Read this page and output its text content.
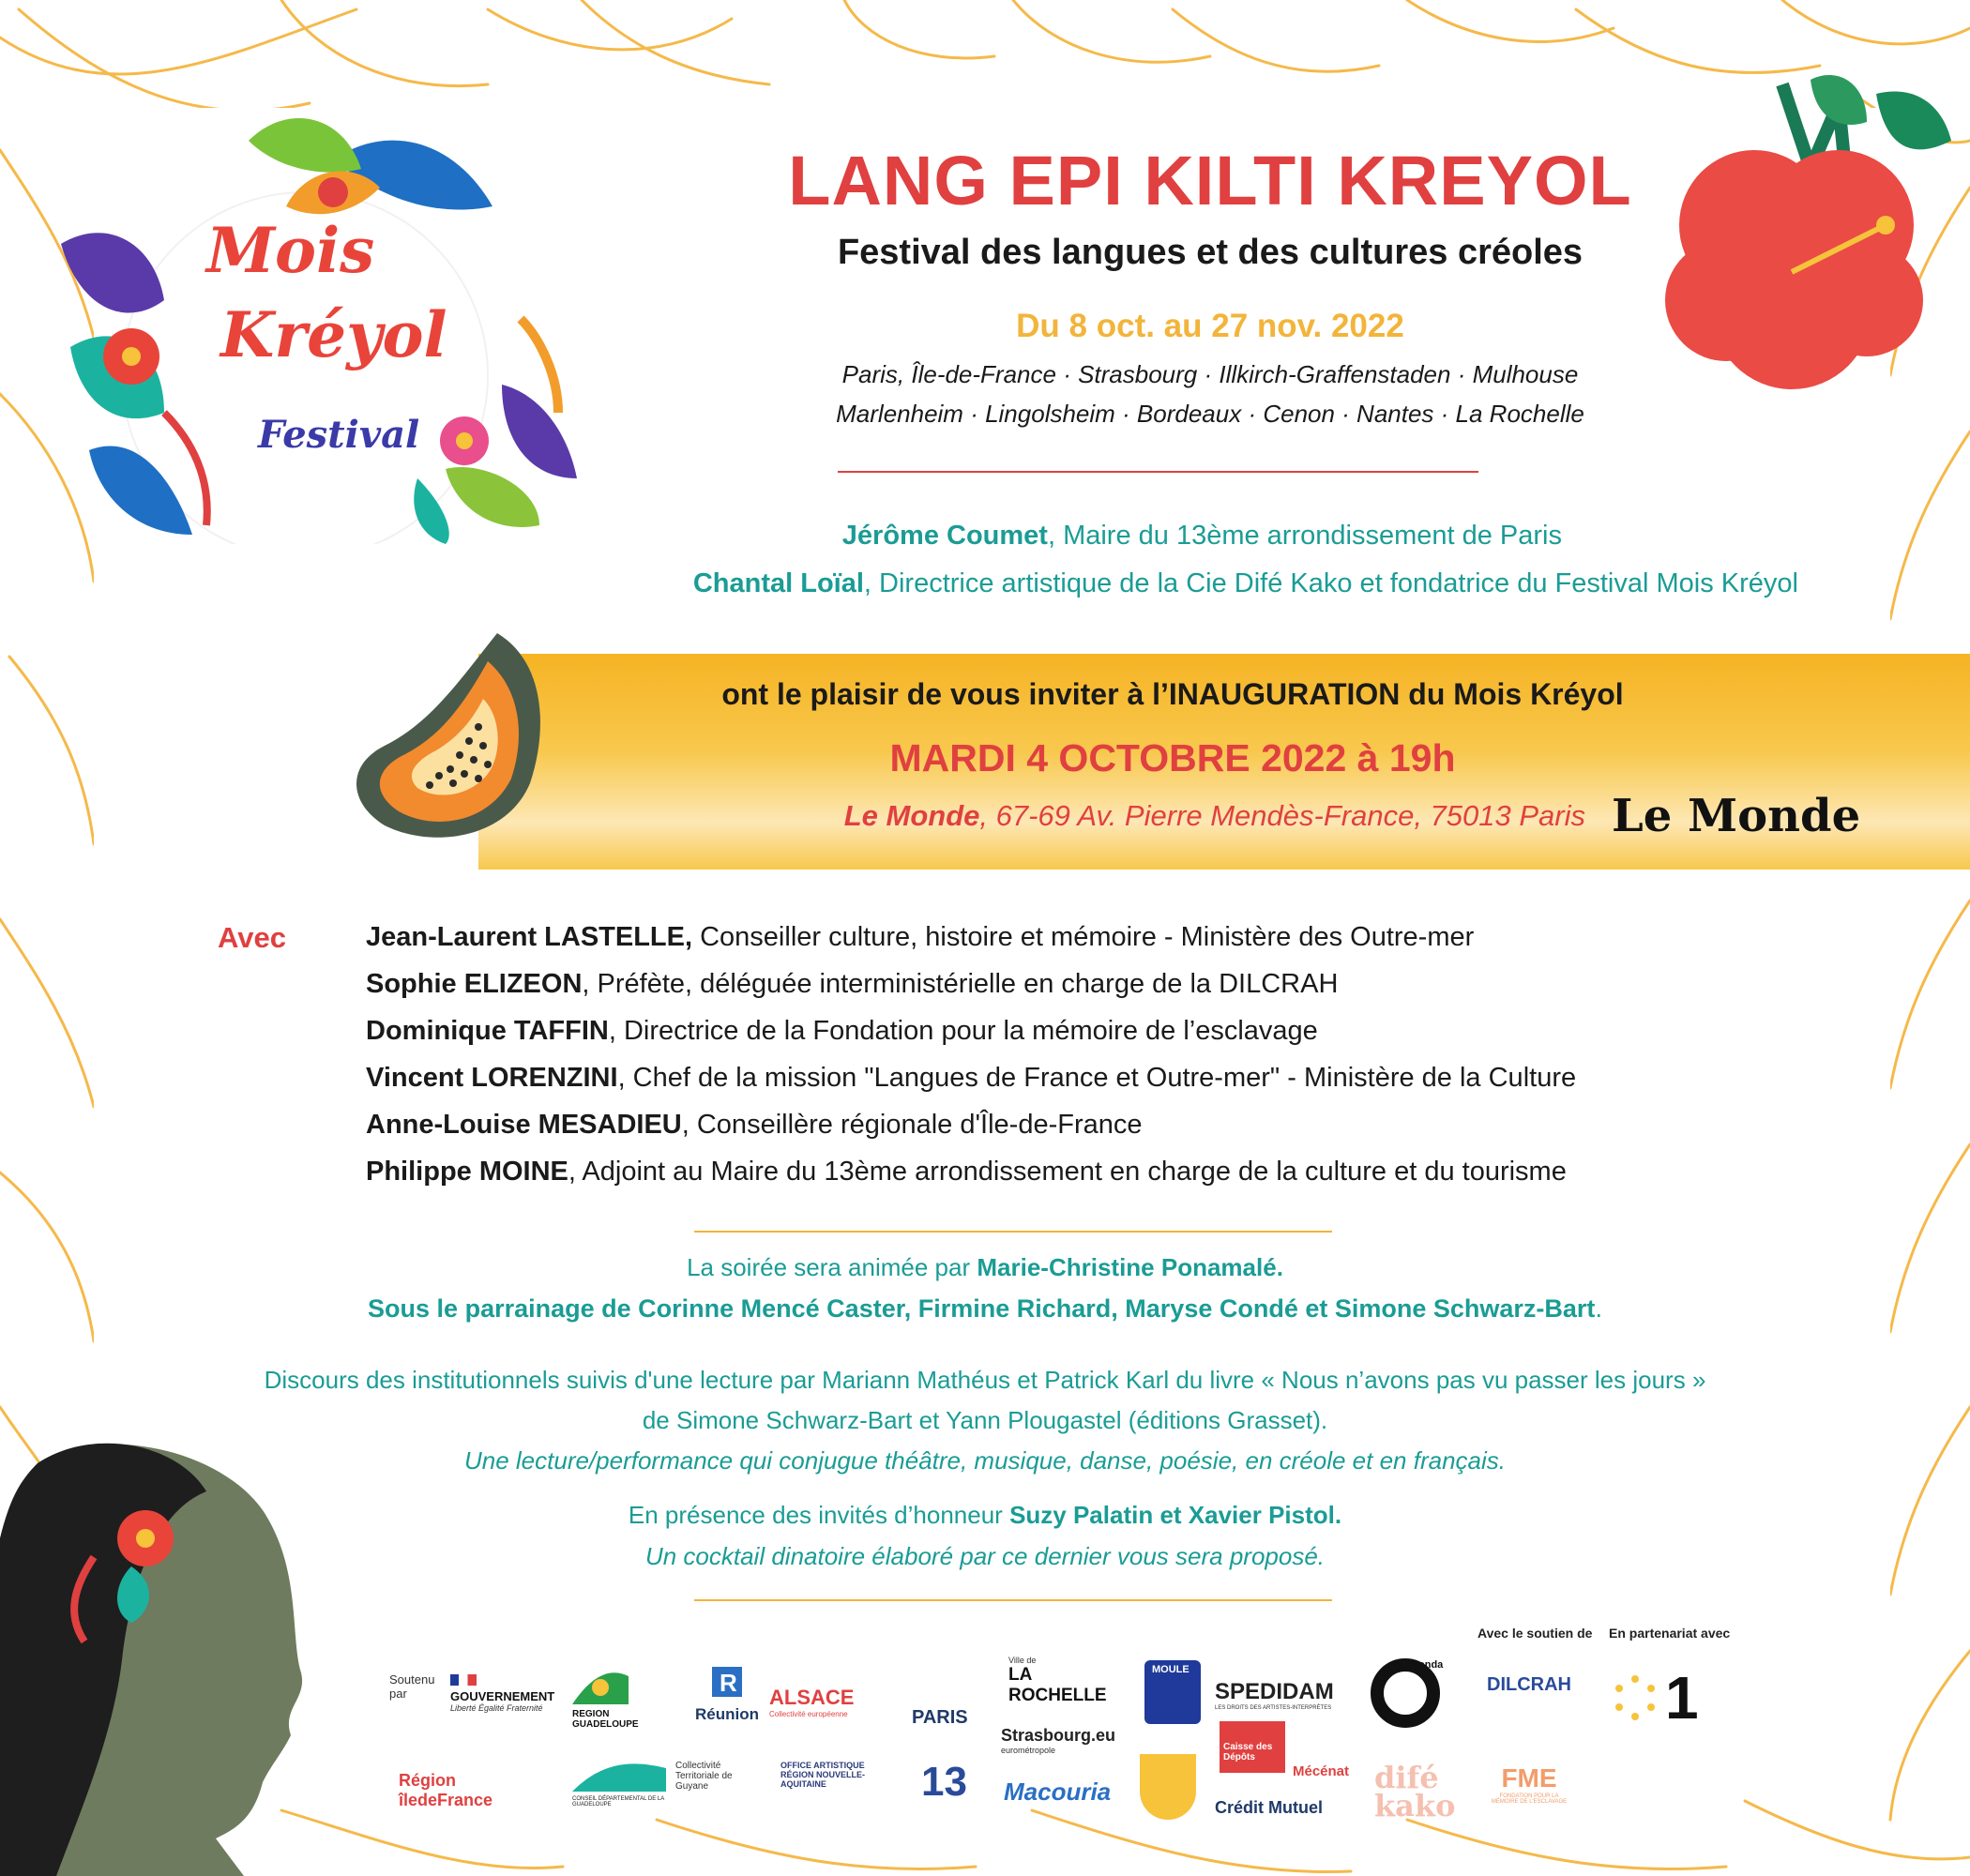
Mois
Kréyol
Festival
LANG EPI KILTI KREYOL
Festival des langues et des cultures créoles
Du 8 oct. au 27 nov. 2022
Paris, Île-de-France · Strasbourg · Illkirch-Graffenstaden · Mulhouse
Marlenheim · Lingolsheim · Bordeaux · Cenon · Nantes · La Rochelle
Jérôme Coumet, Maire du 13ème arrondissement de Paris
Chantal Loïal, Directrice artistique de la Cie Difé Kako et fondatrice du Festival Mois Kréyol
ont le plaisir de vous inviter à l’INAUGURATION du Mois Kréyol
MARDI 4 OCTOBRE 2022 à 19h
Le Monde, 67-69 Av. Pierre Mendès-France, 75013 Paris Le Monde
Avec	Jean-Laurent LASTELLE, Conseiller culture, histoire et mémoire - Ministère des Outre-mer
Sophie ELIZEON, Préfète, déléguée interministérielle en charge de la DILCRAH
Dominique TAFFIN, Directrice de la Fondation pour la mémoire de l’esclavage
Vincent LORENZINI, Chef de la mission "Langues de France et Outre-mer" - Ministère de la Culture
Anne-Louise MESADIEU, Conseillère régionale d'Île-de-France
Philippe MOINE, Adjoint au Maire du 13ème arrondissement en charge de la culture et du tourisme
La soirée sera animée par Marie-Christine Ponamalé.
Sous le parrainage de Corinne Mencé Caster, Firmine Richard, Maryse Condé et Simone Schwarz-Bart.
Discours des institutionnels suivis d'une lecture par Mariann Mathéus et Patrick Karl du livre « Nous n’avons pas vu passer les jours »
de Simone Schwarz-Bart et Yann Plougastel (éditions Grasset).
Une lecture/performance qui conjugue théâtre, musique, danse, poésie, en créole et en français.
En présence des invités d’honneur Suzy Palatin et Xavier Pistol.
Un cocktail dinatoire élaboré par ce dernier vous sera proposé.
Avec le soutien de En partenariat avec
Soutenu par	GOUVERNEMENT
Liberté Égalité Fraternité
REGION GUADELOUPE
R
Réunion
ALSACE
Collectivité européenne	PARIS
Ville de
LA ROCHELLE
Strasbourg.eu
eurométropole
MOULE
SPEDIDAM
LES DROITS DES ARTISTES-INTERPRÈTES
onda
DILCRAH 1
Région îledeFrance	CONSEIL DÉPARTEMENTAL DE LA GUADELOUPE
Collectivité Territoriale de Guyane
OFFICE ARTISTIQUE RÉGION NOUVELLE-AQUITAINE	13 Macouria
Caisse des Dépôts
Mécénat
Crédit Mutuel
difé kako
FME
FONDATION POUR LA MÉMOIRE DE L'ESCLAVAGE
